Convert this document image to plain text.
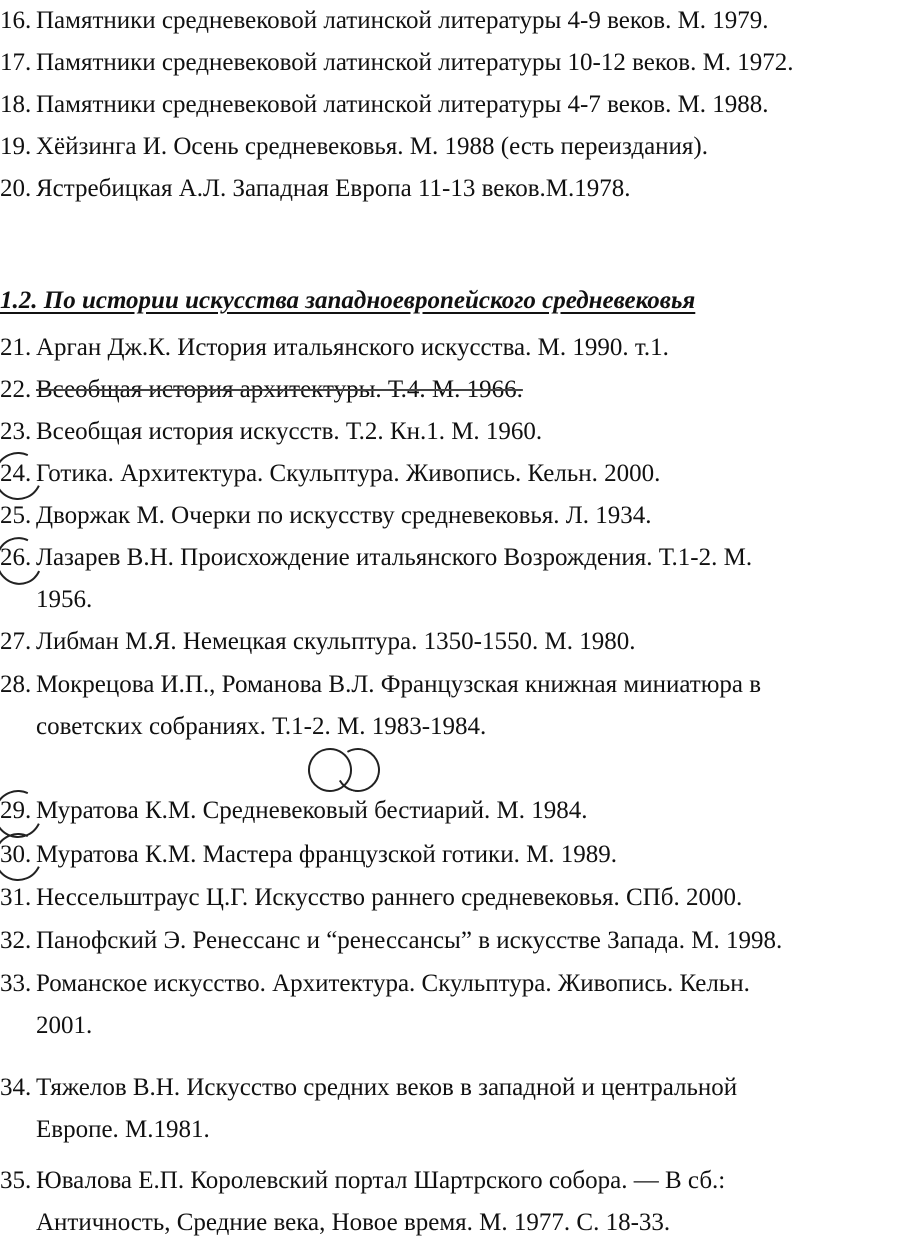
16. Памятники средневековой латинской литературы 4-9 веков. М. 1979.
17. Памятники средневековой латинской литературы 10-12 веков. М. 1972.
18. Памятники средневековой латинской литературы 4-7 веков. М. 1988.
19. Хёйзинга И. Осень средневековья. М. 1988 (есть переиздания).
20. Ястребицкая А.Л. Западная Европа 11-13 веков.М.1978.
1.2. По истории искусства западноевропейского средневековья
21. Арган Дж.К. История итальянского искусства. М. 1990. т.1.
22. Всеобщая история архитектуры. Т.4. М. 1966.
23. Всеобщая история искусств. Т.2. Кн.1. М. 1960.
24. Готика. Архитектура. Скульптура. Живопись. Кельн. 2000.
25. Дворжак М. Очерки по искусству средневековья. Л. 1934.
26. Лазарев В.Н. Происхождение итальянского Возрождения. Т.1-2. М.
1956.
27. Либман М.Я. Немецкая скульптура. 1350-1550. М. 1980.
28. Мокрецова И.П., Романова В.Л. Французская книжная миниатюра в
советских собраниях. Т.1-2. М. 1983-1984.
29. Муратова К.М. Средневековый бестиарий. М. 1984.
30. Муратова К.М. Мастера французской готики. М. 1989.
31. Нессельштраус Ц.Г. Искусство раннего средневековья. СПб. 2000.
32. Панофский Э. Ренессанс и “ренессансы” в искусстве Запада. М. 1998.
33. Романское искусство. Архитектура. Скульптура. Живопись. Кельн.
2001.
34. Тяжелов В.Н. Искусство средних веков в западной и центральной
Европе. М.1981.
35. Ювалова Е.П. Королевский портал Шартрского собора. — В сб.:
Античность, Средние века, Новое время. М. 1977. С. 18-33.
